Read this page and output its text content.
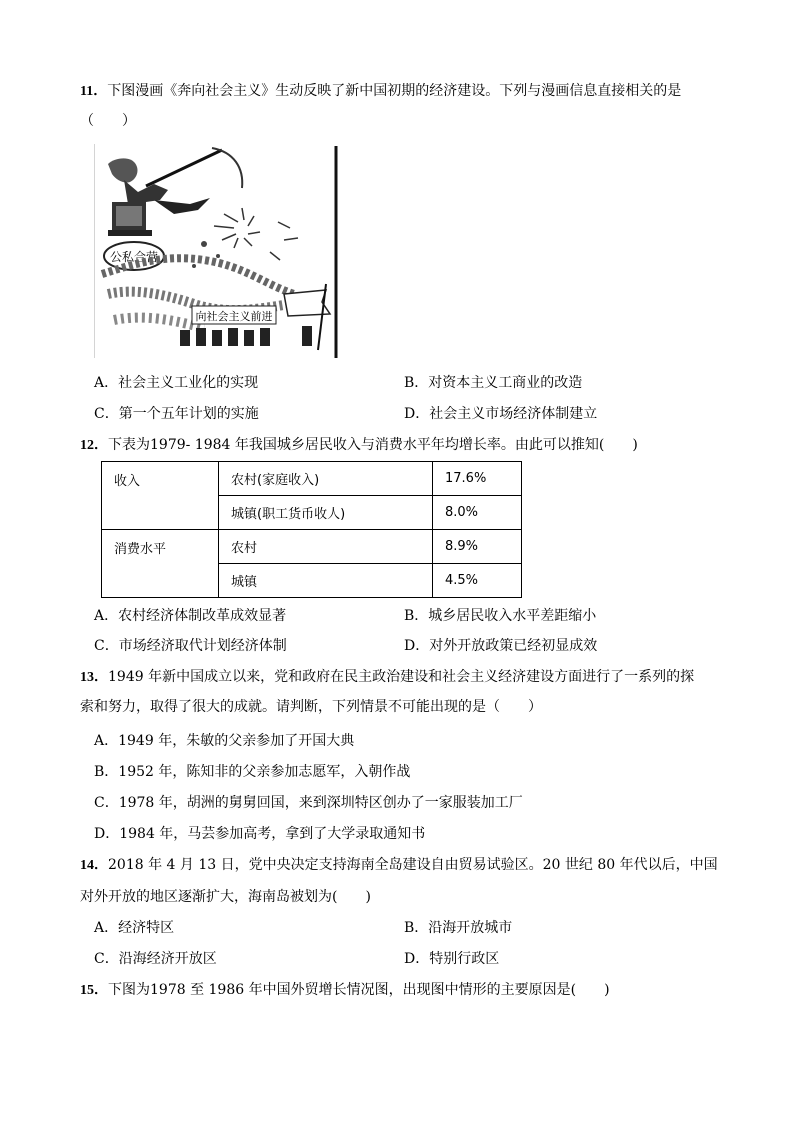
11．下图漫画《奔向社会主义》生动反映了新中国初期的经济建设。下列与漫画信息直接相关的是
（　　）
公私合营
向社会主义前进
A．社会主义工业化的实现	B．对资本主义工商业的改造
C．第一个五年计划的实施	D．社会主义市场经济体制建立
12．下表为1979- 1984 年我国城乡居民收入与消费水平年均增长率。由此可以推知(　　)
收入	农村(家庭收入)	17.6%
	城镇(职工货币收人)	8.0%
消费水平	农村	8.9%
	城镇	4.5%
A．农村经济体制改革成效显著	B．城乡居民收入水平差距缩小
C．市场经济取代计划经济体制	D．对外开放政策已经初显成效
13．1949 年新中国成立以来，党和政府在民主政治建设和社会主义经济建设方面进行了一系列的探
索和努力，取得了很大的成就。请判断，下列情景不可能出现的是（　　）
A．1949 年，朱敏的父亲参加了开国大典
B．1952 年，陈知非的父亲参加志愿军，入朝作战
C．1978 年，胡洲的舅舅回国，来到深圳特区创办了一家服装加工厂
D．1984 年，马芸参加高考，拿到了大学录取通知书
14．2018 年 4 月 13 日，党中央决定支持海南全岛建设自由贸易试验区。20 世纪 80 年代以后，中国
对外开放的地区逐渐扩大，海南岛被划为(　　)
A．经济特区	B．沿海开放城市
C．沿海经济开放区	D．特别行政区
15．下图为1978 至 1986 年中国外贸增长情况图，出现图中情形的主要原因是(　　)
